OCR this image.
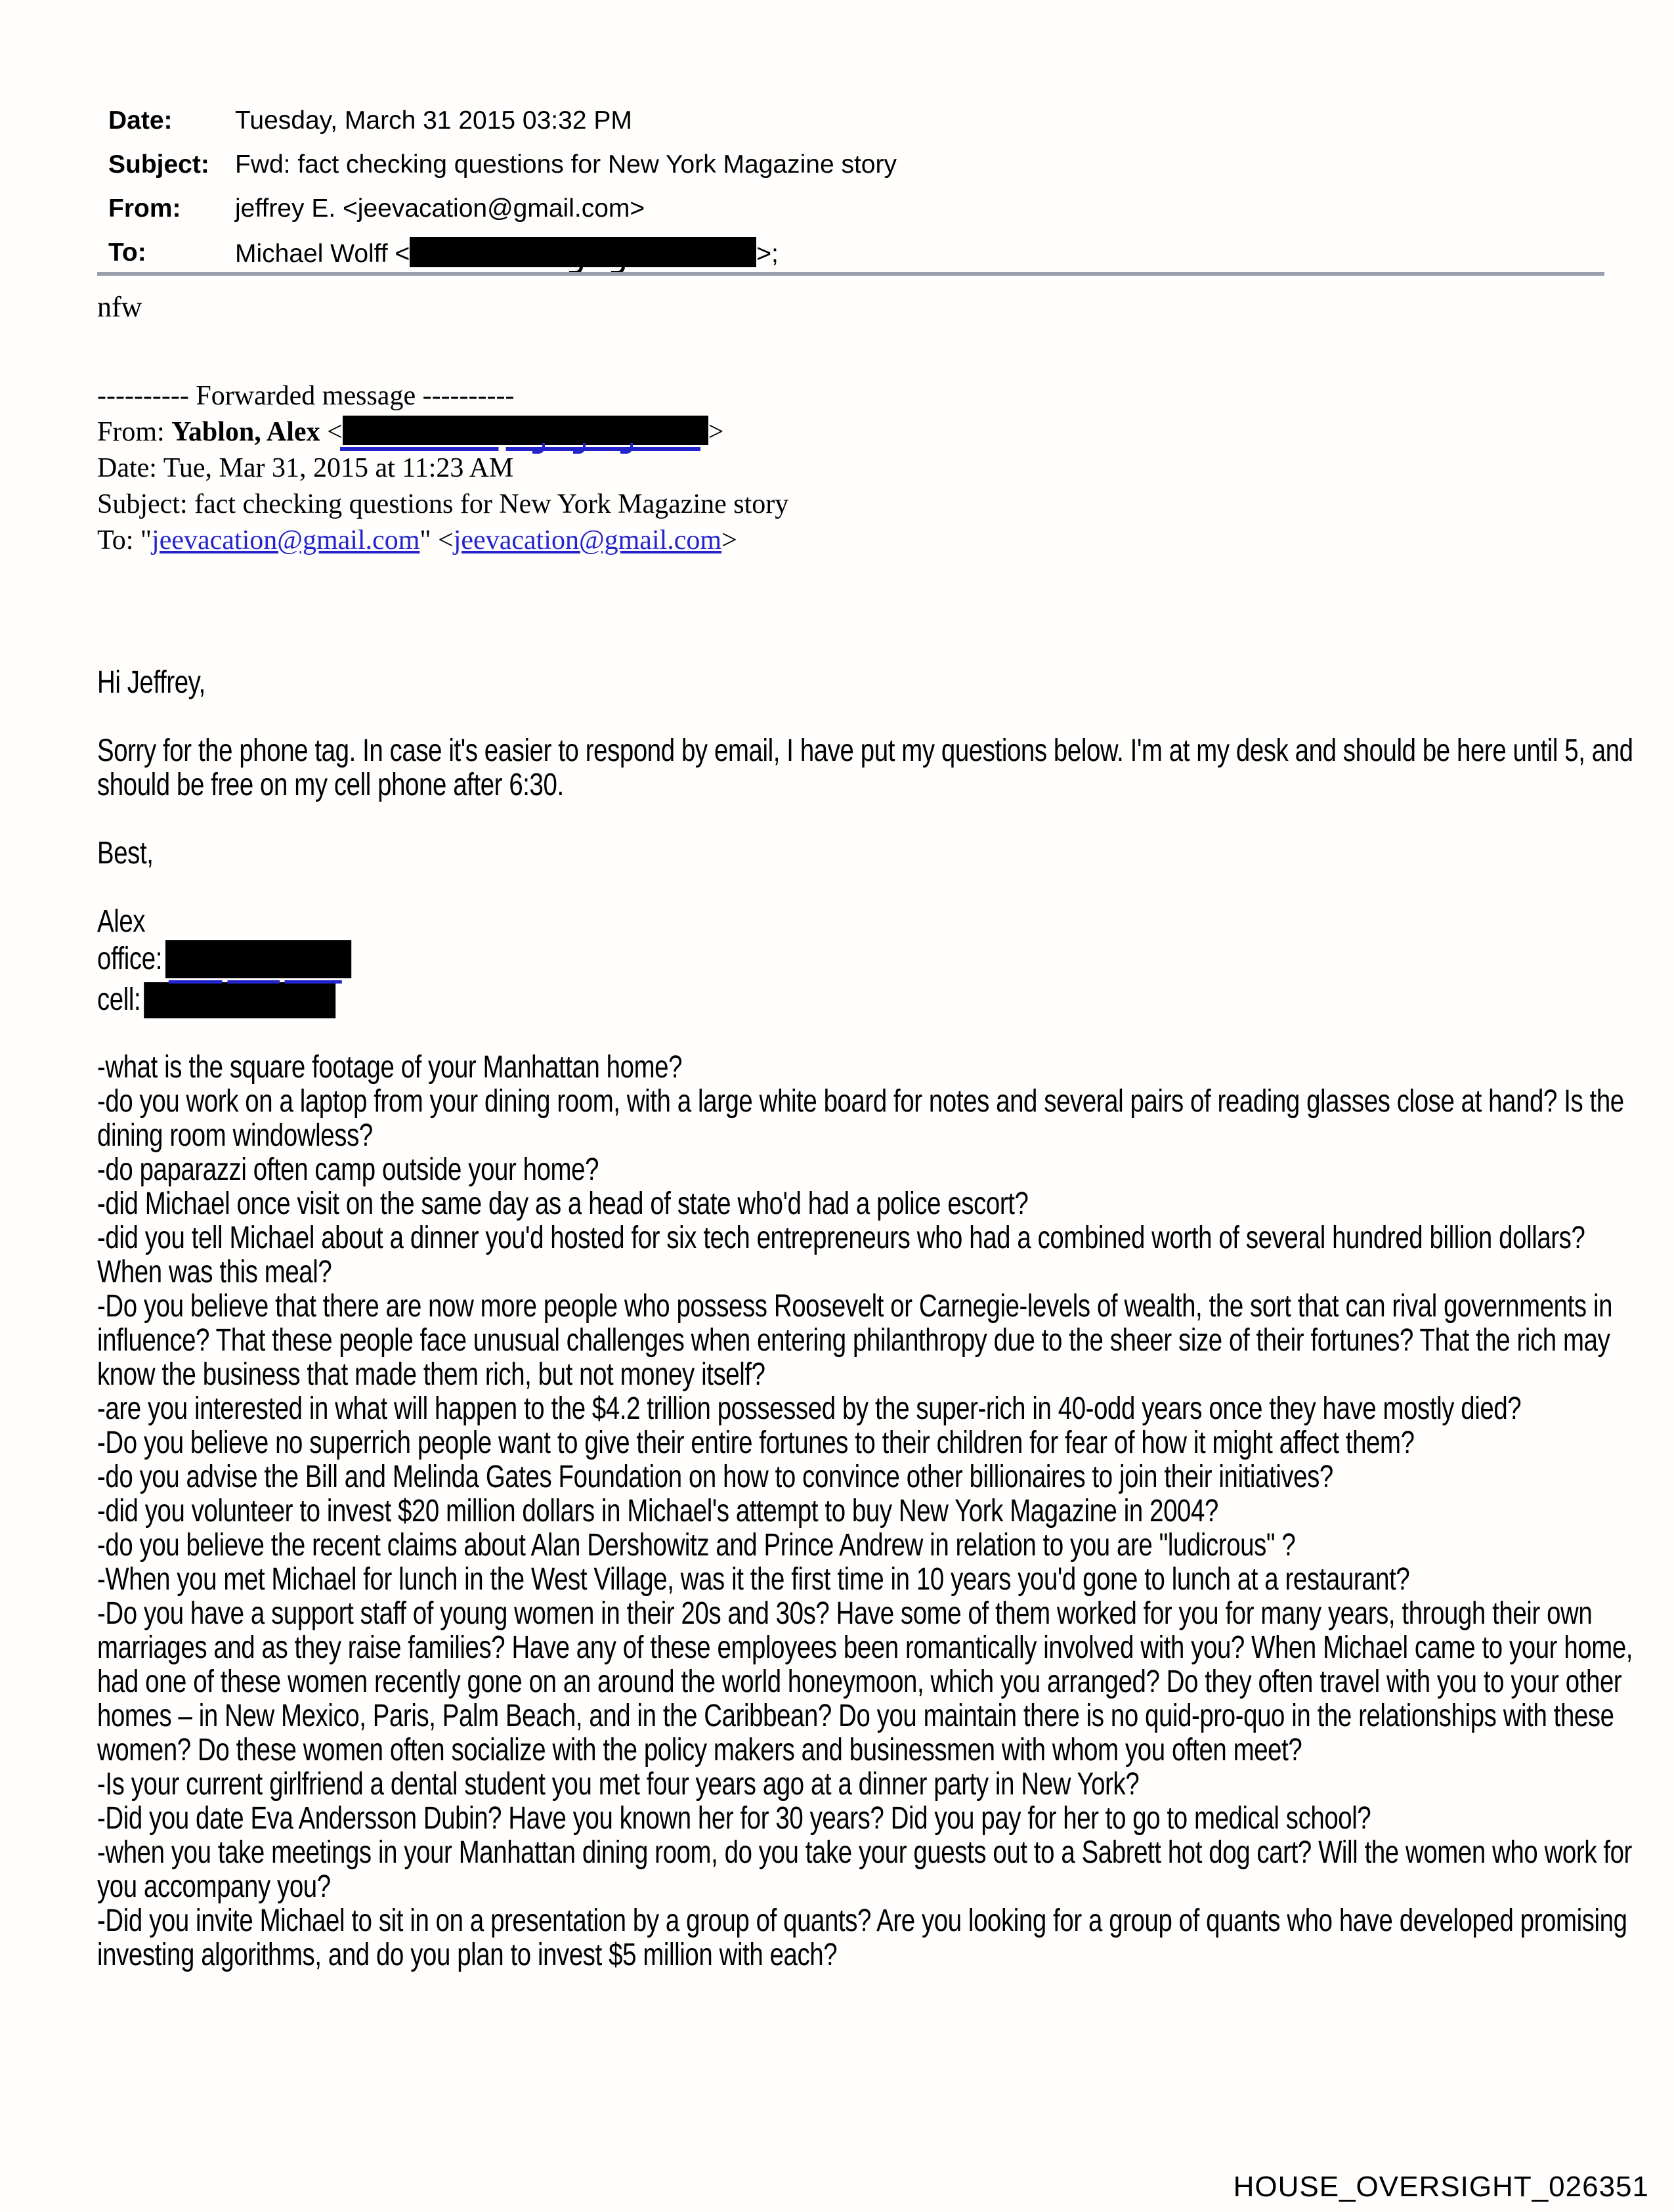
Date:	Tuesday, March 31 2015 03:32 PM
Subject:	Fwd: fact checking questions for New York Magazine story
From:	jeffrey E. <jeevacation@gmail.com>
To:	Michael Wolff <	>;
nfw
---------- Forwarded message ----------
From: Yablon, Alex <	>
Date: Tue, Mar 31, 2015 at 11:23 AM
Subject: fact checking questions for New York Magazine story
To: "jeevacation@gmail.com" <jeevacation@gmail.com>

Hi Jeffrey,

Sorry for the phone tag. In case it's easier to respond by email, I have put my questions below. I'm at my desk and should be here until 5, and should be free on my cell phone after 6:30.

Best,

Alex

office:
cell:

-what is the square footage of your Manhattan home?

-do you work on a laptop from your dining room, with a large white board for notes and several pairs of reading glasses close at hand? Is the dining room windowless?

-do paparazzi often camp outside your home?

-did Michael once visit on the same day as a head of state who'd had a police escort?

-did you tell Michael about a dinner you'd hosted for six tech entrepreneurs who had a combined worth of several hundred billion dollars? When was this meal?

-Do you believe that there are now more people who possess Roosevelt or Carnegie-levels of wealth, the sort that can rival governments in influence? That these people face unusual challenges when entering philanthropy due to the sheer size of their fortunes? That the rich may know the business that made them rich, but not money itself?

-are you interested in what will happen to the $4.2 trillion possessed by the super-rich in 40-odd years once they have mostly died?

-Do you believe no superrich people want to give their entire fortunes to their children for fear of how it might affect them?

-do you advise the Bill and Melinda Gates Foundation on how to convince other billionaires to join their initiatives?

-did you volunteer to invest $20 million dollars in Michael's attempt to buy New York Magazine in 2004?

-do you believe the recent claims about Alan Dershowitz and Prince Andrew in relation to you are "ludicrous" ?

-When you met Michael for lunch in the West Village, was it the first time in 10 years you'd gone to lunch at a restaurant?

-Do you have a support staff of young women in their 20s and 30s? Have some of them worked for you for many years, through their own marriages and as they raise families? Have any of these employees been romantically involved with you? When Michael came to your home, had one of these women recently gone on an around the world honeymoon, which you arranged? Do they often travel with you to your other homes – in New Mexico, Paris, Palm Beach, and in the Caribbean? Do you maintain there is no quid-pro-quo in the relationships with these women? Do these women often socialize with the policy makers and businessmen with whom you often meet?

-Is your current girlfriend a dental student you met four years ago at a dinner party in New York?

-Did you date Eva Andersson Dubin? Have you known her for 30 years? Did you pay for her to go to medical school?

-when you take meetings in your Manhattan dining room, do you take your guests out to a Sabrett hot dog cart? Will the women who work for you accompany you?

-Did you invite Michael to sit in on a presentation by a group of quants? Are you looking for a group of quants who have developed promising investing algorithms, and do you plan to invest $5 million with each?

HOUSE_OVERSIGHT_026351
